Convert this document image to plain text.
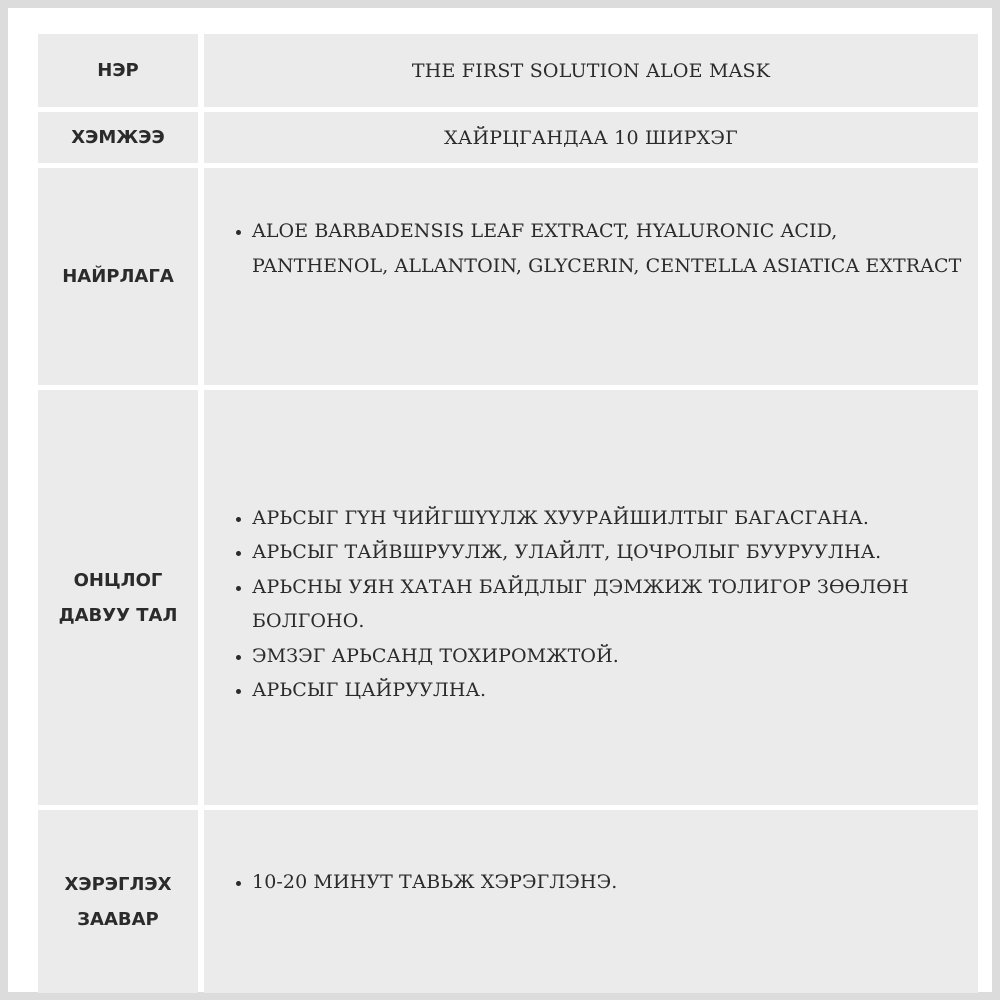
НЭР	THE FIRST SOLUTION ALOE MASK
ХЭМЖЭЭ	ХАЙРЦГАНДАА 10 ШИРХЭГ
НАЙРЛАГА
• ALOE BARBADENSIS LEAF EXTRACT, HYALURONIC ACID, PANTHENOL, ALLANTOIN, GLYCERIN, CENTELLA ASIATICA EXTRACT
ОНЦЛОГ
ДАВУУ ТАЛ
• АРЬСЫГ ГҮН ЧИЙГШҮҮЛЖ ХУУРАЙШИЛТЫГ БАГАСГАНА.
• АРЬСЫГ ТАЙВШРУУЛЖ, УЛАЙЛТ, ЦОЧРОЛЫГ БУУРУУЛНА.
• АРЬСНЫ УЯН ХАТАН БАЙДЛЫГ ДЭМЖИЖ ТОЛИГОР ЗӨӨЛӨН БОЛГОНО.
• ЭМЗЭГ АРЬСАНД ТОХИРОМЖТОЙ.
• АРЬСЫГ ЦАЙРУУЛНА.
ХЭРЭГЛЭХ
ЗААВАР
• 10-20 МИНУТ ТАВЬЖ ХЭРЭГЛЭНЭ.
